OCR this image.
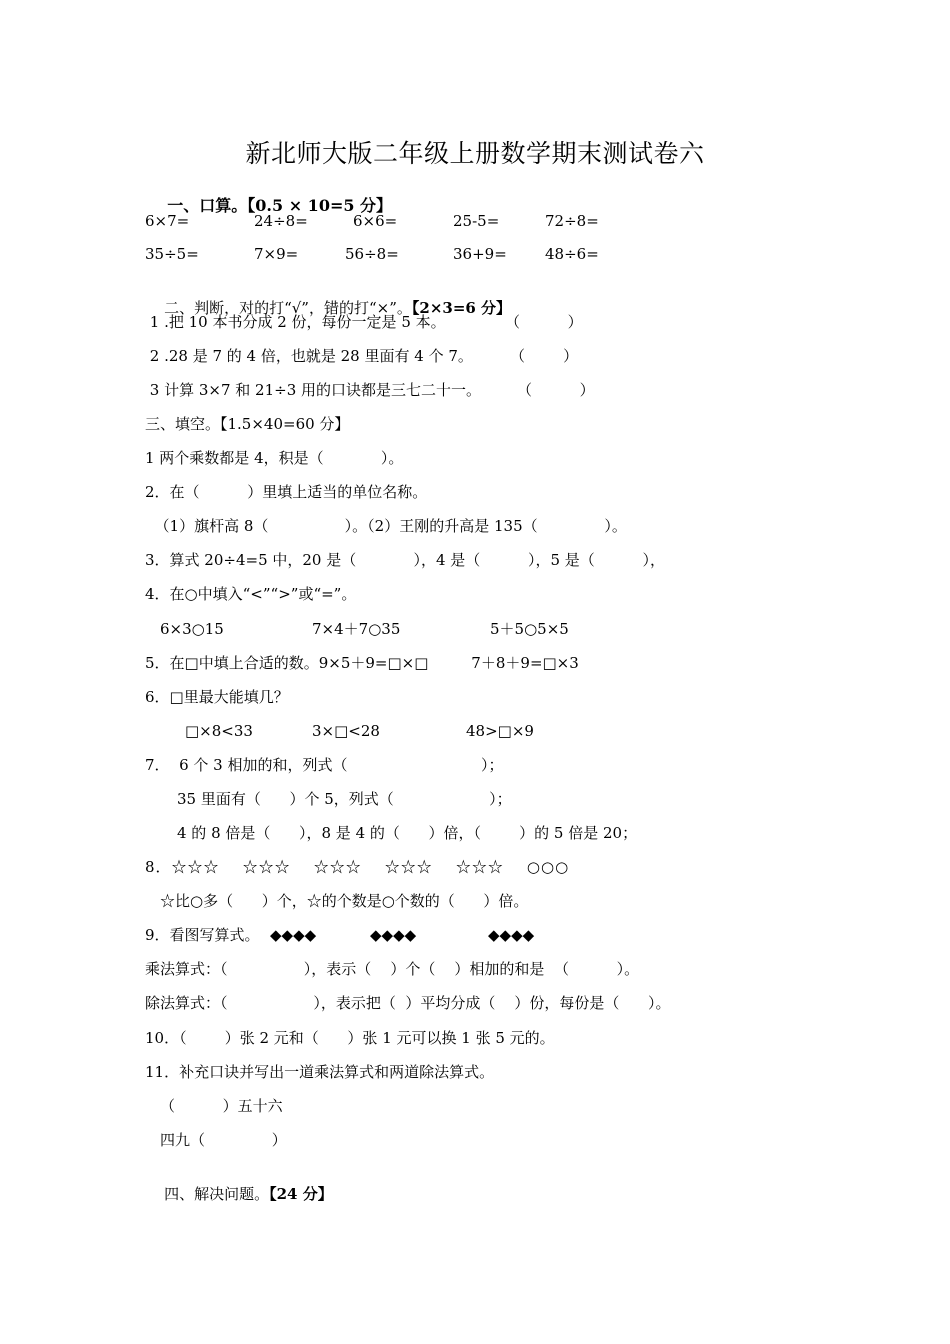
新北师大版二年级上册数学期末测试卷六

一、口算。【0.5 × 10=5 分】

6×7=	24÷8=	6×6=	25-5=	72÷8=
35÷5=	7×9=	56÷8=	36+9=	48÷6=

二、判断，对的打“√”，错的打“×”。【2×3=6 分】

1 .把 10 本书分成 2 份，每份一定是 5 本。	（          ）
2 .28 是 7 的 4 倍，也就是 28 里面有 4 个 7。 （        ）
3 计算 3×7 和 21÷3 用的口诀都是三七二十一。 （          ）
三、填空。【1.5×40=60 分】
1 两个乘数都是 4，积是（            ）。
2．在（          ）里填上适当的单位名称。
（1）旗杆高 8（                ）。（2）王刚的升高是 135（              ）。
3．算式 20÷4=5 中，20 是（            ），4 是（          ），5 是（          ），
4．在○中填入“<”“>”或“=”。
6×3○15	7×4＋7○35	5＋5○5×5
5．在□中填上合适的数。9×5＋9=□×□         7＋8＋9=□×3
6．□里最大能填几？
□×8<33	3×□<28	48>□×9
7．  6 个 3 相加的和，列式（                            ）；
35 里面有（      ）个 5，列式（                    ）；
4 的 8 倍是（      ），8 是 4 的（      ）倍，（        ）的 5 倍是 20；
8．☆☆☆    ☆☆☆    ☆☆☆    ☆☆☆    ☆☆☆    ○○○
☆比○多（      ）个，☆的个数是○个数的（      ）倍。
9．看图写算式。 ◆◆◆◆	◆◆◆◆	◆◆◆◆
乘法算式：（                ），表示（    ）个（    ）相加的和是  （          ）。
除法算式：（                  ），表示把（  ）平均分成（    ）份，每份是（      ）。
10．（        ）张 2 元和（      ）张 1 元可以换 1 张 5 元的。
11．补充口诀并写出一道乘法算式和两道除法算式。
（          ）五十六
四九（              ）

四、解决问题。【24 分】
